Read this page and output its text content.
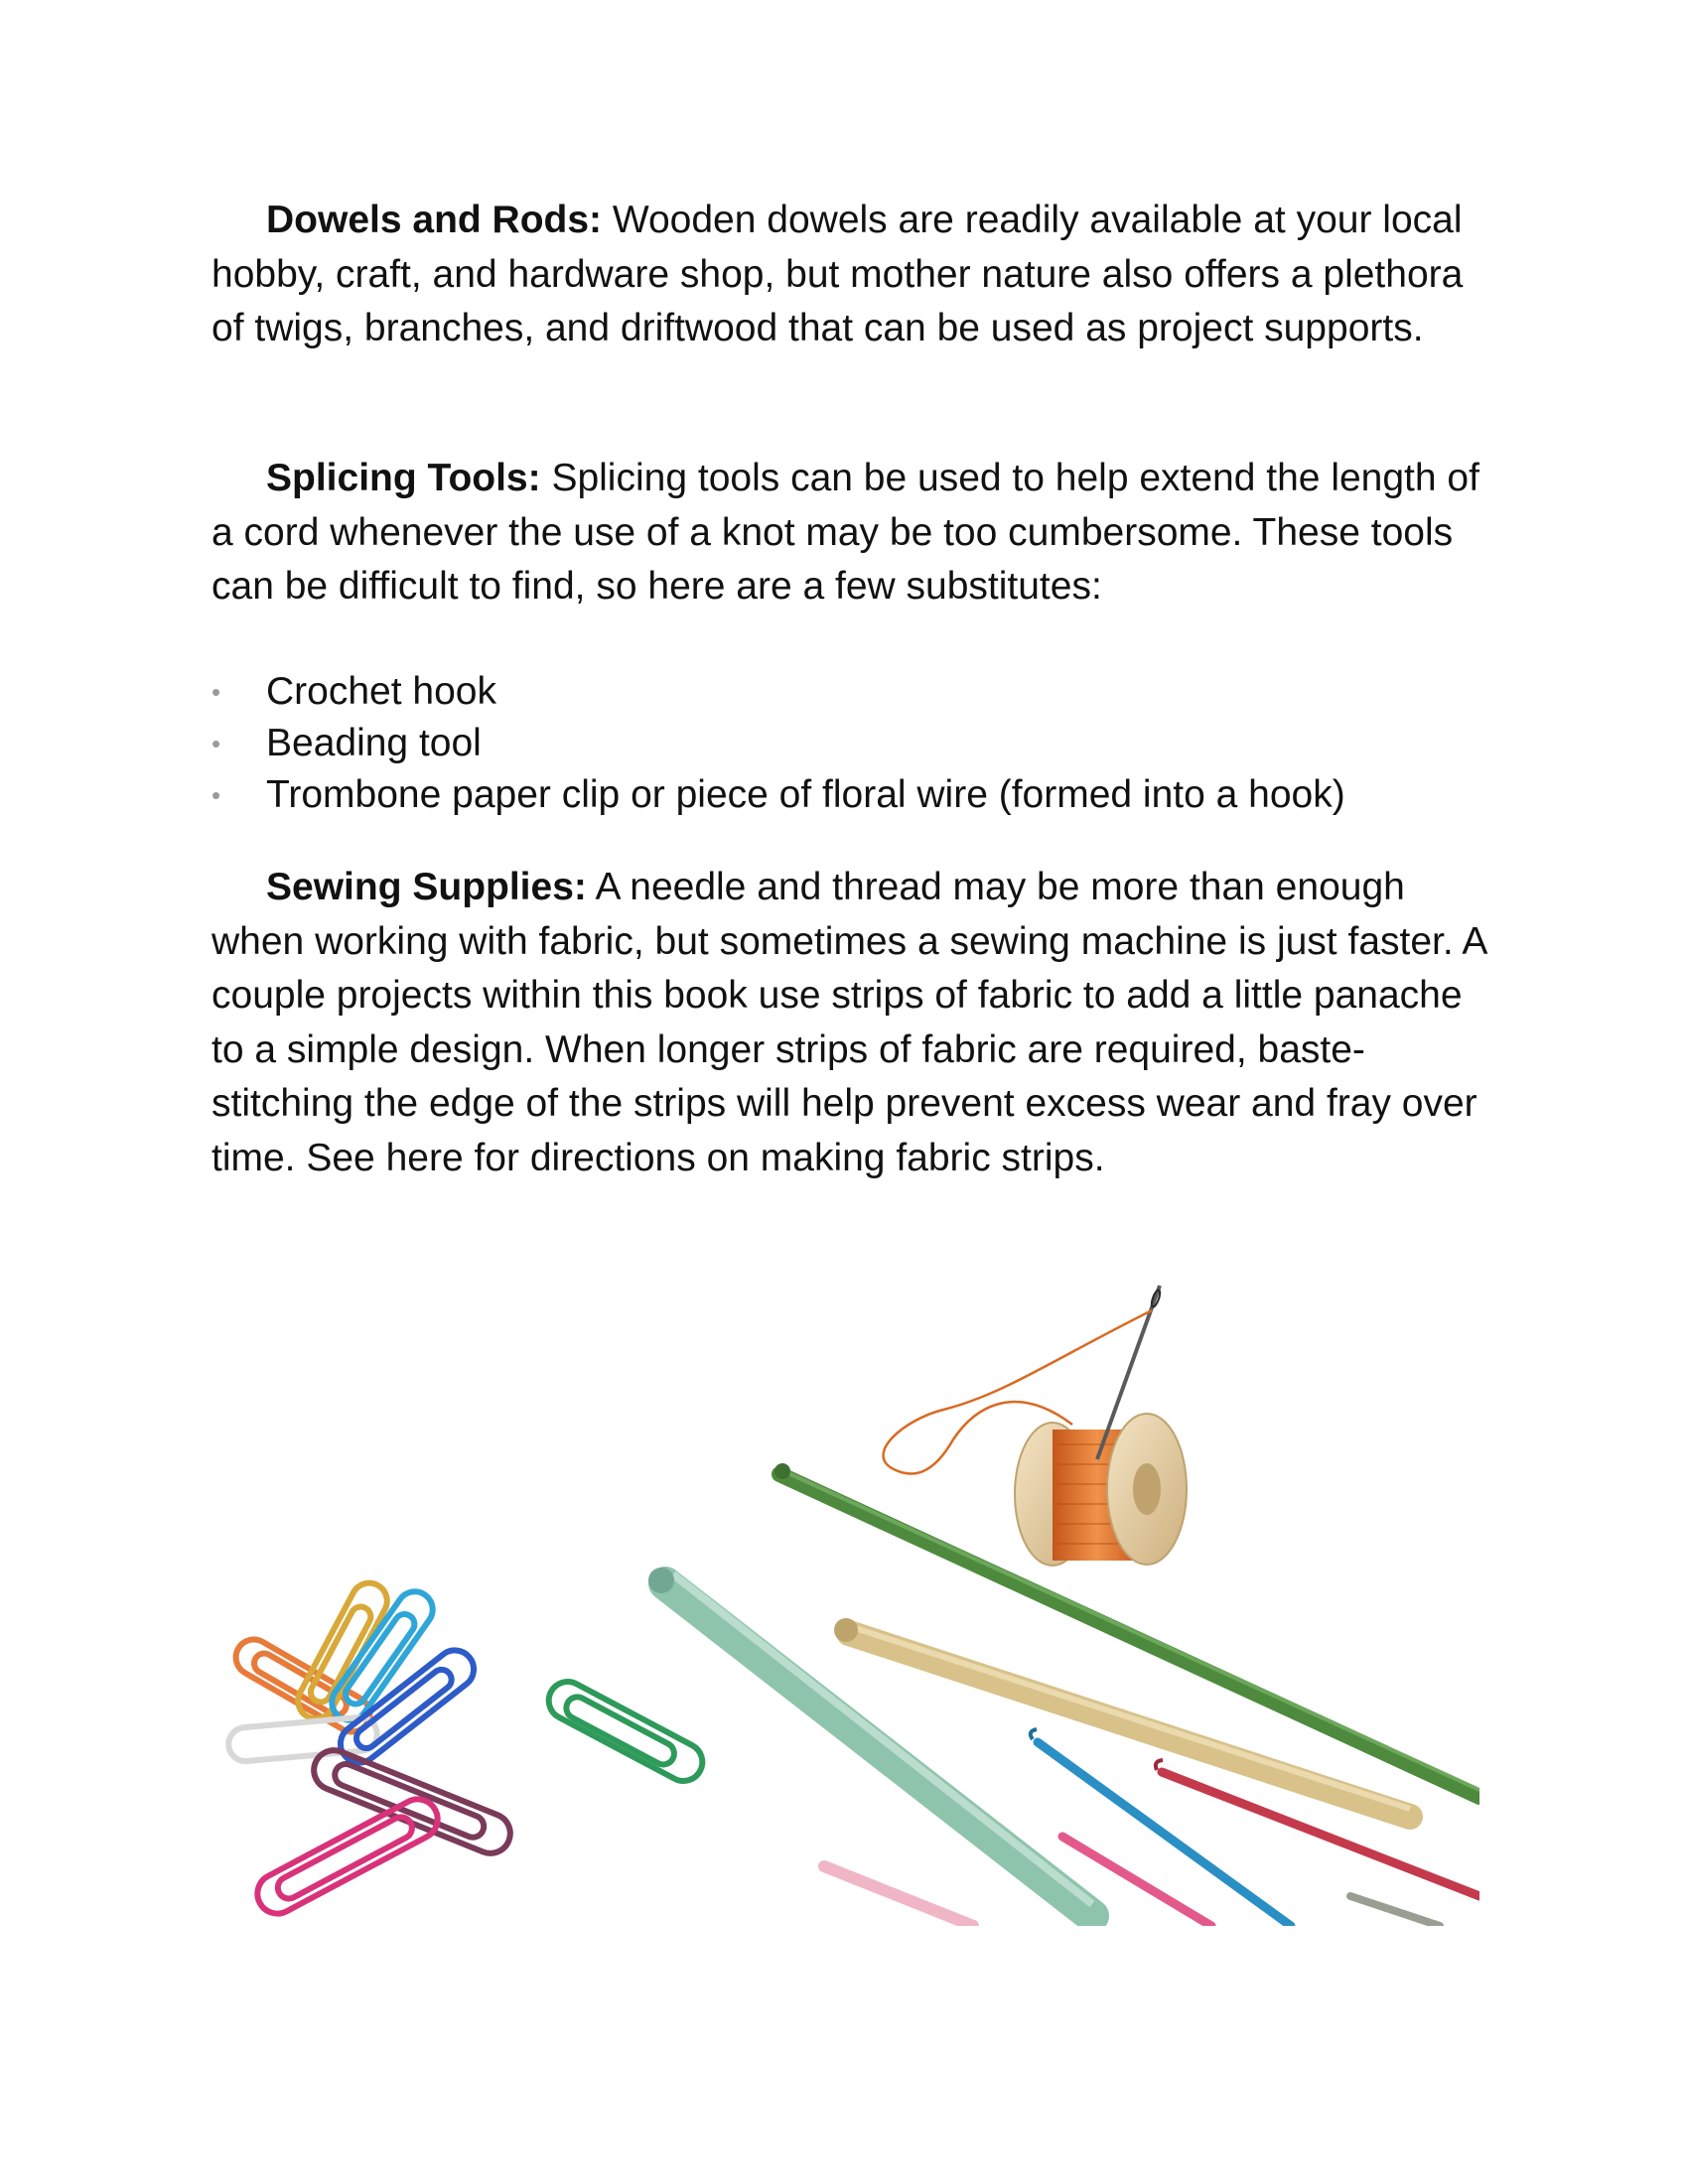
Dowels and Rods: Wooden dowels are readily available at your local hobby, craft, and hardware shop, but mother nature also offers a plethora of twigs, branches, and driftwood that can be used as project supports.

Splicing Tools: Splicing tools can be used to help extend the length of a cord whenever the use of a knot may be too cumbersome. These tools can be difficult to find, so here are a few substitutes:

• Crochet hook
• Beading tool
• Trombone paper clip or piece of floral wire (formed into a hook)

Sewing Supplies: A needle and thread may be more than enough when working with fabric, but sometimes a sewing machine is just faster. A couple projects within this book use strips of fabric to add a little panache to a simple design. When longer strips of fabric are required, baste-stitching the edge of the strips will help prevent excess wear and fray over time. See here for directions on making fabric strips.
